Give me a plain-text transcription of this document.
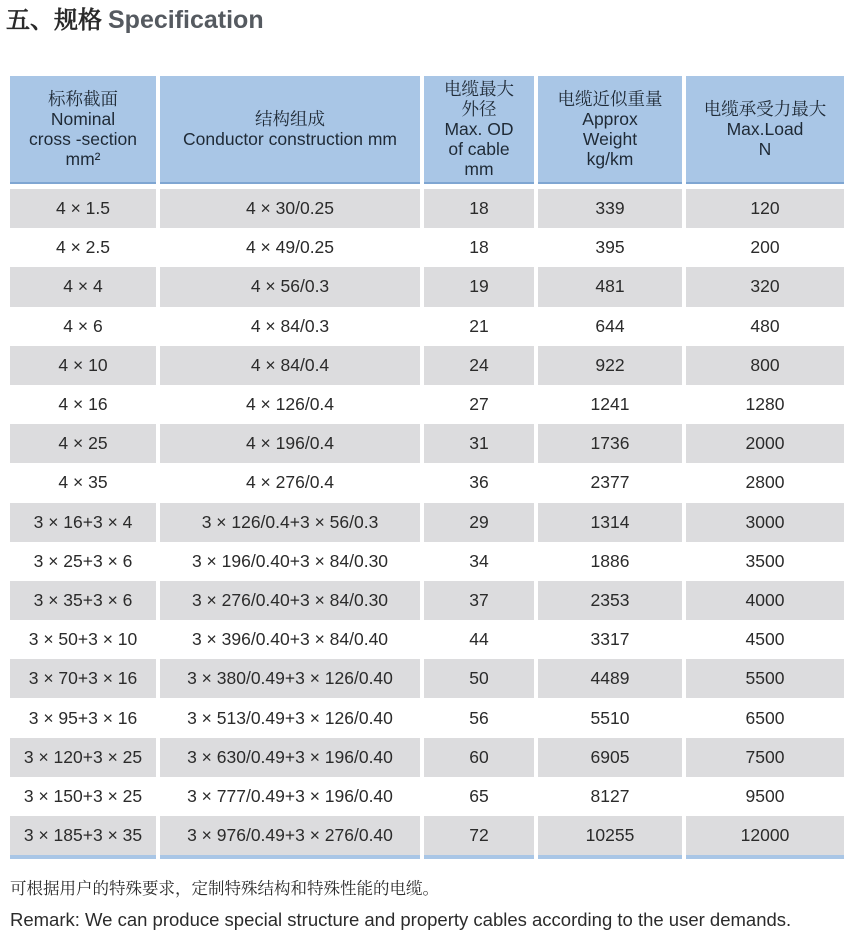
五、规格 Specification
标称截面
Nominal
cross -section
mm²	结构组成
Conductor construction mm	电缆最大
外径
Max. OD
of cable
mm	电缆近似重量
Approx
Weight
kg/km	电缆承受力最大
Max.Load
N

4 × 1.5	4 × 30/0.25	18	339	120
4 × 2.5	4 × 49/0.25	18	395	200
4 × 4	4 × 56/0.3	19	481	320
4 × 6	4 × 84/0.3	21	644	480
4 × 10	4 × 84/0.4	24	922	800
4 × 16	4 × 126/0.4	27	1241	1280
4 × 25	4 × 196/0.4	31	1736	2000
4 × 35	4 × 276/0.4	36	2377	2800
3 × 16+3 × 4	3 × 126/0.4+3 × 56/0.3	29	1314	3000
3 × 25+3 × 6	3 × 196/0.40+3 × 84/0.30	34	1886	3500
3 × 35+3 × 6	3 × 276/0.40+3 × 84/0.30	37	2353	4000
3 × 50+3 × 10	3 × 396/0.40+3 × 84/0.40	44	3317	4500
3 × 70+3 × 16	3 × 380/0.49+3 × 126/0.40	50	4489	5500
3 × 95+3 × 16	3 × 513/0.49+3 × 126/0.40	56	5510	6500
3 × 120+3 × 25	3 × 630/0.49+3 × 196/0.40	60	6905	7500
3 × 150+3 × 25	3 × 777/0.49+3 × 196/0.40	65	8127	9500
3 × 185+3 × 35	3 × 976/0.49+3 × 276/0.40	72	10255	12000
可根据用户的特殊要求，定制特殊结构和特殊性能的电缆。
Remark: We can produce special structure and property cables according to the user demands.
